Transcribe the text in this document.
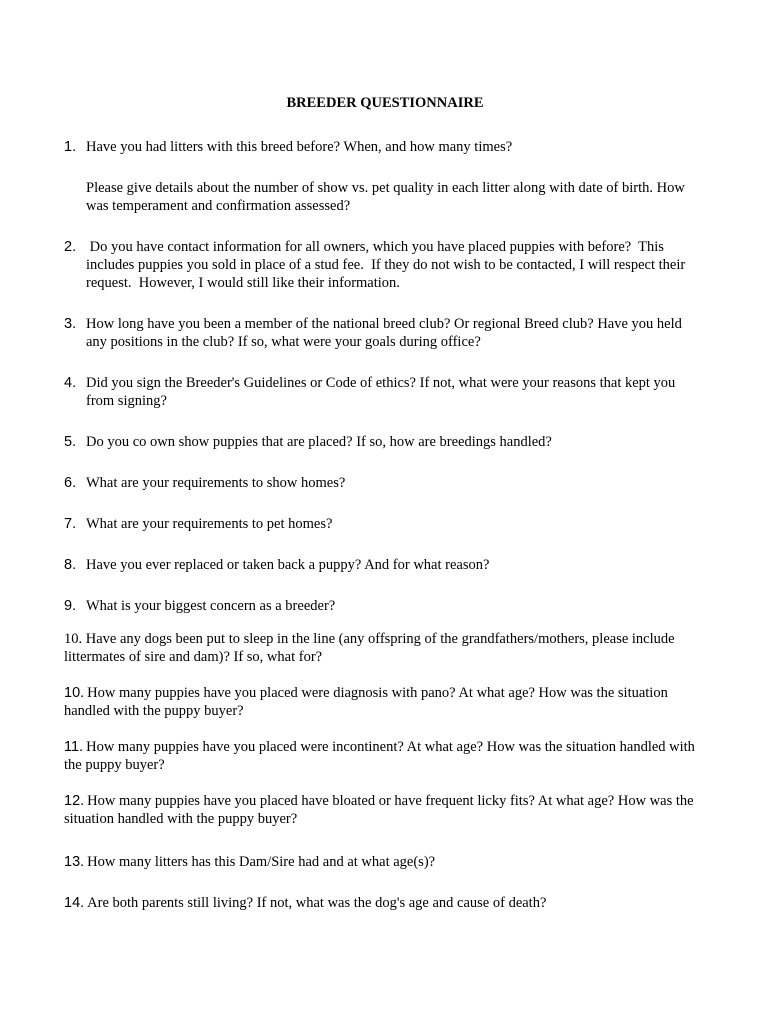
BREEDER QUESTIONNAIRE
1. Have you had litters with this breed before? When, and how many times?
Please give details about the number of show vs. pet quality in each litter along with date of birth. How was temperament and confirmation assessed?
2. Do you have contact information for all owners, which you have placed puppies with before?  This includes puppies you sold in place of a stud fee.  If they do not wish to be contacted, I will respect their request.  However, I would still like their information.
3. How long have you been a member of the national breed club? Or regional Breed club? Have you held any positions in the club? If so, what were your goals during office?
4. Did you sign the Breeder's Guidelines or Code of ethics? If not, what were your reasons that kept you from signing?
5. Do you co own show puppies that are placed? If so, how are breedings handled?
6. What are your requirements to show homes?
7. What are your requirements to pet homes?
8. Have you ever replaced or taken back a puppy? And for what reason?
9. What is your biggest concern as a breeder?
10. Have any dogs been put to sleep in the line (any offspring of the grandfathers/mothers, please include littermates of sire and dam)? If so, what for?
10. How many puppies have you placed were diagnosis with pano? At what age? How was the situation handled with the puppy buyer?
11. How many puppies have you placed were incontinent? At what age? How was the situation handled with the puppy buyer?
12. How many puppies have you placed have bloated or have frequent licky fits? At what age? How was the situation handled with the puppy buyer?
13. How many litters has this Dam/Sire had and at what age(s)?
14. Are both parents still living? If not, what was the dog's age and cause of death?
